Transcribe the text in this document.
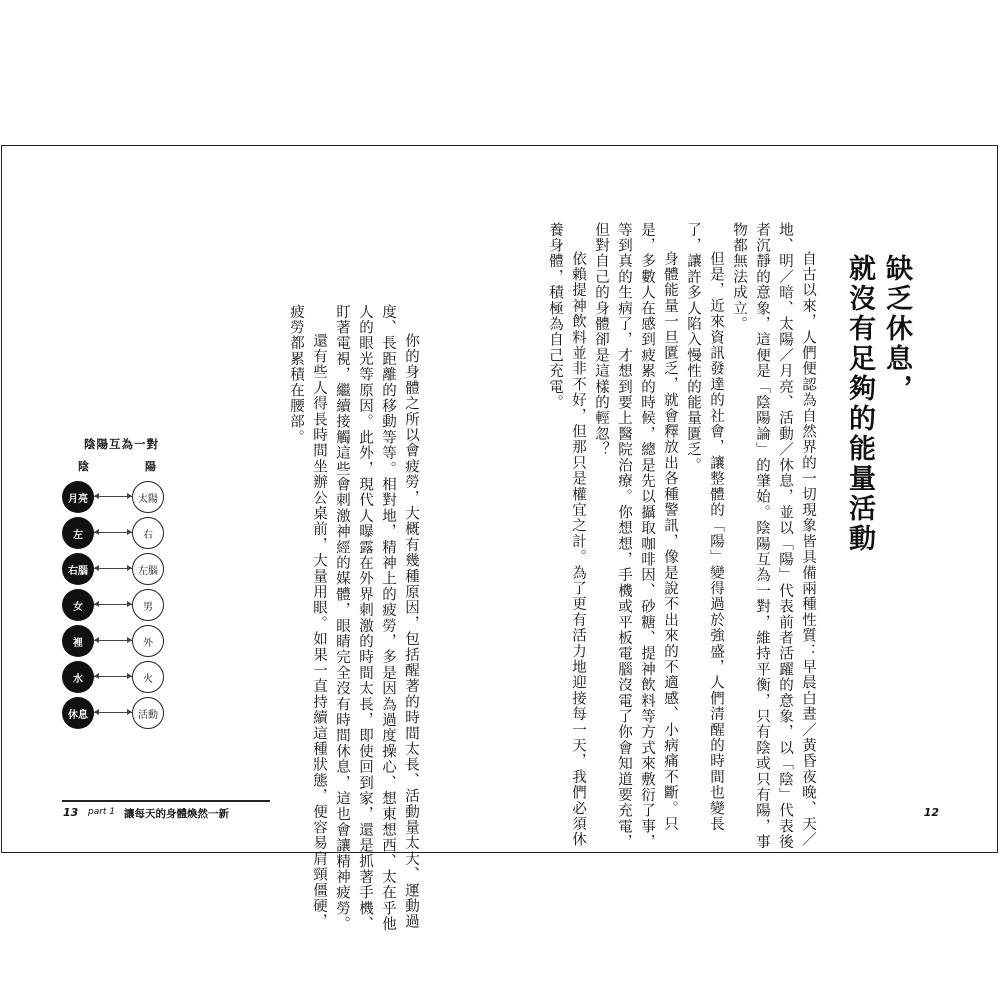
缺乏休息，
就沒有足夠的能量活動
自古以來，人們便認為自然界的一切現象皆具備兩種性質：早晨白晝／黃昏夜晚、天／地、明／暗、太陽／月亮、活動／休息，並以「陽」代表前者活躍的意象，以「陰」代表後者沉靜的意象，這便是「陰陽論」的肇始。陰陽互為一對，維持平衡，只有陰或只有陽，事物都無法成立。
但是，近來資訊發達的社會，讓整體的「陽」變得過於強盛，人們清醒的時間也變長了，讓許多人陷入慢性的能量匱乏。
身體能量一旦匱乏，就會釋放出各種警訊，像是說不出來的不適感、小病痛不斷。只是，多數人在感到疲累的時候，總是先以攝取咖啡因、砂糖、提神飲料等方式來敷衍了事，等到真的生病了，才想到要上醫院治療。你想想，手機或平板電腦沒電了你會知道要充電，但對自己的身體卻是這樣的輕忽？
依賴提神飲料並非不好，但那只是權宜之計。為了更有活力地迎接每一天，我們必須休養身體，積極為自己充電。
你的身體之所以會疲勞，大概有幾種原因，包括醒著的時間太長、活動量太大、運動過度、長距離的移動等等。相對地，精神上的疲勞，多是因為過度操心、想東想西、太在乎他人的眼光等原因。此外，現代人曝露在外界刺激的時間太長，即使回到家，還是抓著手機、盯著電視，繼續接觸這些會刺激神經的媒體，眼睛完全沒有時間休息，這也會讓精神疲勞。
還有些人得長時間坐辦公桌前，大量用眼。如果一直持續這種狀態，便容易肩頸僵硬，疲勞都累積在腰部。
陰陽互為一對
陰	陽
月亮	太陽
左	右
右腦	左腦
女	男
裡	外
水	火
休息	活動
13 part 1 讓每天的身體煥然一新	12
